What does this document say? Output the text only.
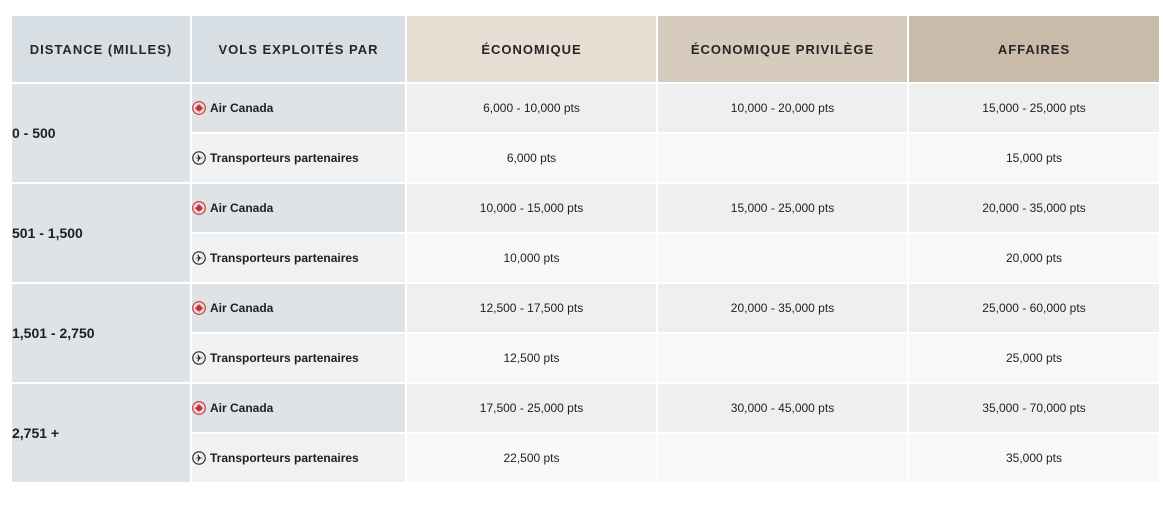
DISTANCE (MILLES)	VOLS EXPLOITÉS PAR	ÉCONOMIQUE	ÉCONOMIQUE PRIVILÈGE	AFFAIRES
0 - 500	Air Canada	6,000 - 10,000 pts	10,000 - 20,000 pts	15,000 - 25,000 pts

	Transporteurs partenaires	6,000 pts		15,000 pts
501 - 1,500	Air Canada	10,000 - 15,000 pts	15,000 - 25,000 pts	20,000 - 35,000 pts

	Transporteurs partenaires	10,000 pts		20,000 pts
1,501 - 2,750	Air Canada	12,500 - 17,500 pts	20,000 - 35,000 pts	25,000 - 60,000 pts

	Transporteurs partenaires	12,500 pts		25,000 pts
2,751 +	Air Canada	17,500 - 25,000 pts	30,000 - 45,000 pts	35,000 - 70,000 pts

	Transporteurs partenaires	22,500 pts		35,000 pts
